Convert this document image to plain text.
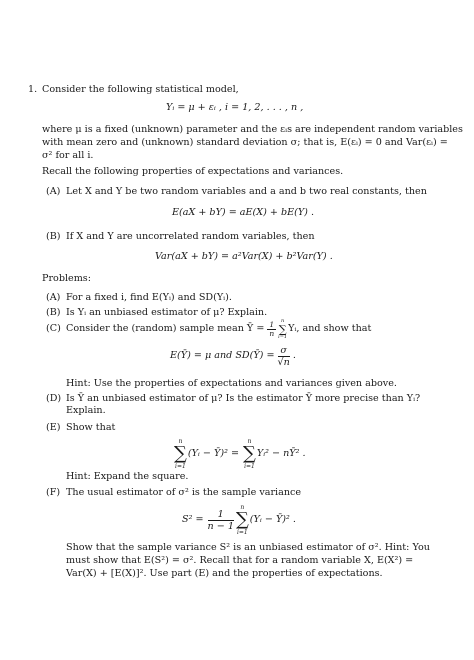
1. Consider the following statistical model,
Yᵢ = μ + εᵢ , i = 1, 2, . . . , n ,
where μ is a fixed (unknown) parameter and the εᵢs are independent random variables
with mean zero and (unknown) standard deviation σ; that is, E(εᵢ) = 0 and Var(εᵢ) =
σ² for all i.
Recall the following properties of expectations and variances.
(A) Let X and Y be two random variables and a and b two real constants, then
E(aX + bY) = aE(X) + bE(Y) .
(B) If X and Y are uncorrelated random variables, then
Var(aX + bY) = a²Var(X) + b²Var(Y) .
Problems:
(A) For a fixed i, find E(Yᵢ) and SD(Yᵢ).
(B) Is Yᵢ an unbiased estimator of μ? Explain.
(C) Consider the (random) sample mean Ȳ = $\frac{1}{n}$ n
∑
i=1
Yᵢ, and show that
E(Ȳ) = μ and SD(Ȳ) = $\frac{\sigma}{√n}$ .
Hint: Use the properties of expectations and variances given above.
(D) Is Ȳ an unbiased estimator of μ? Is the estimator Ȳ more precise than Yᵢ?
Explain.
(E) Show that
n
∑
i=1
(Yᵢ − Ȳ)² =
n
∑
i=1
Yᵢ² − nȲ² .
Hint: Expand the square.
(F) The usual estimator of σ² is the sample variance
$S^2 = \frac{1}{n - 1}$
n
∑
i=1
(Yᵢ − Ȳ)² .
Show that the sample variance S² is an unbiased estimator of σ². Hint: You
must show that E(S²) = σ². Recall that for a random variable X, E(X²) =
Var(X) + [E(X)]². Use part (E) and the properties of expectations.
